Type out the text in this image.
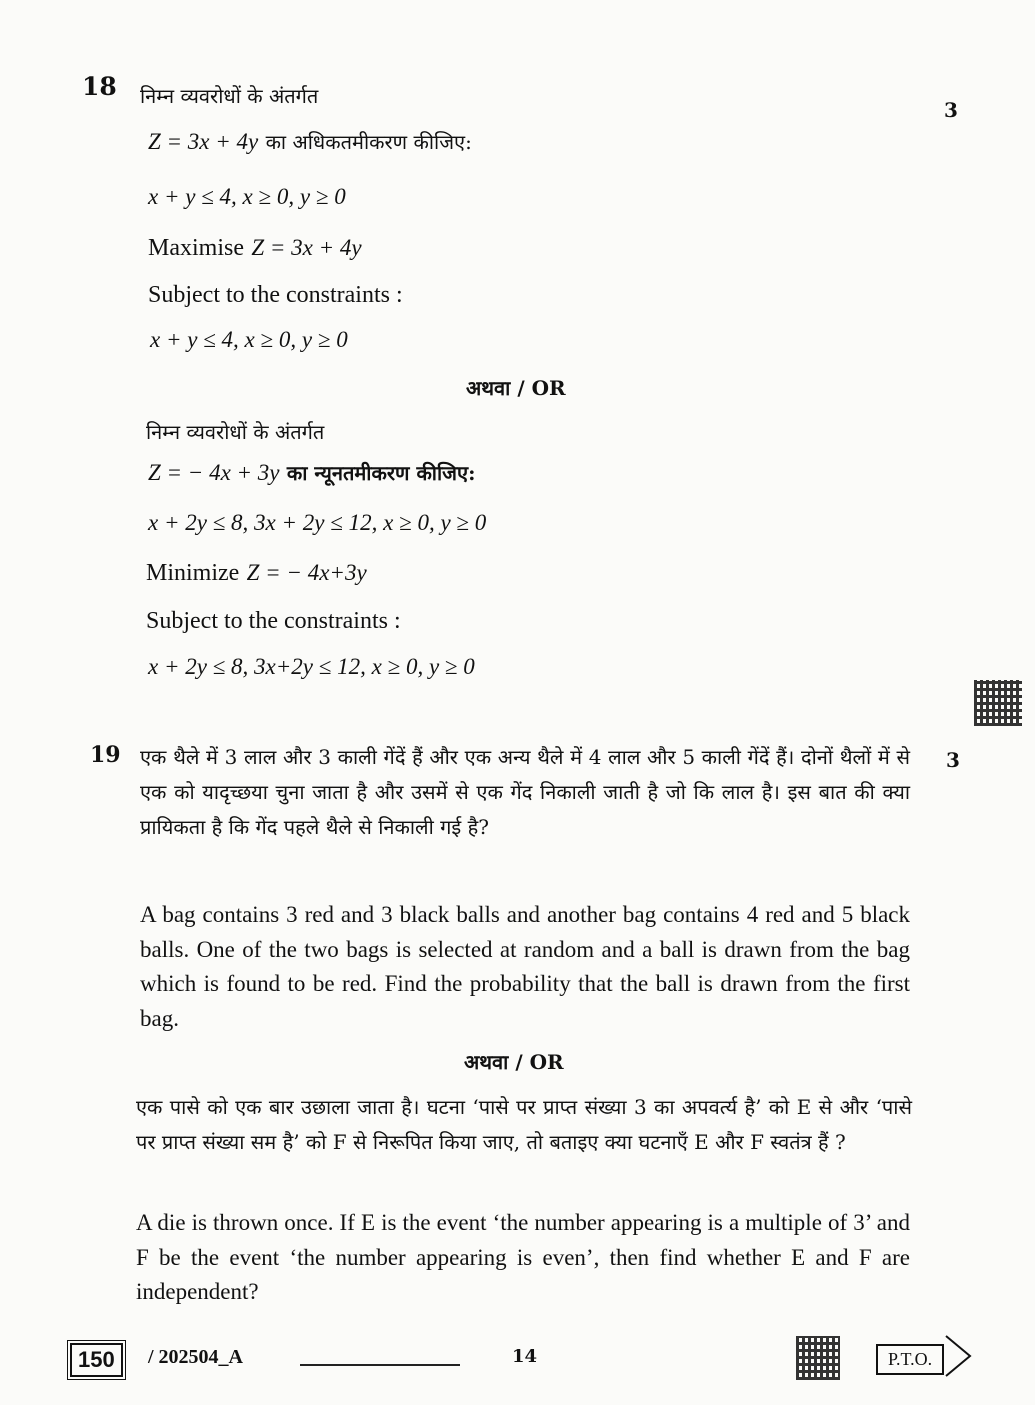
3
18 निम्न व्यवरोधों के अंतर्गत
Z = 3x + 4y का अधिकतमीकरण कीजिए:
x + y ≤ 4, x ≥ 0, y ≥ 0
Maximise Z = 3x + 4y
Subject to the constraints :
x + y ≤ 4, x ≥ 0, y ≥ 0
अथवा / OR
निम्न व्यवरोधों के अंतर्गत
Z = − 4x + 3y का न्यूनतमीकरण कीजिए:
x + 2y ≤ 8, 3x + 2y ≤ 12, x ≥ 0, y ≥ 0
Minimize Z = − 4x+3y
Subject to the constraints :
x + 2y ≤ 8, 3x+2y ≤ 12, x ≥ 0, y ≥ 0
19	3
एक थैले में 3 लाल और 3 काली गेंदें हैं और एक अन्य थैले में 4 लाल और 5 काली गेंदें हैं। दोनों थैलों में से एक को यादृच्छया चुना जाता है और उसमें से एक गेंद निकाली जाती है जो कि लाल है। इस बात की क्या प्रायिकता है कि गेंद पहले थैले से निकाली गई है?
A bag contains 3 red and 3 black balls and another bag contains 4 red and 5 black balls. One of the two bags is selected at random and a ball is drawn from the bag which is found to be red. Find the probability that the ball is drawn from the first bag.
अथवा / OR
एक पासे को एक बार उछाला जाता है। घटना ‘पासे पर प्राप्त संख्या 3 का अपवर्त्य है’ को E से और ‘पासे पर प्राप्त संख्या सम है’ को F से निरूपित किया जाए, तो बताइए क्या घटनाएँ E और F स्वतंत्र हैं ?
A die is thrown once. If E is the event ‘the number appearing is a multiple of 3’ and F be the event ‘the number appearing is even’, then find whether E and F are independent?
150	/ 202504_A	14	P.T.O.
